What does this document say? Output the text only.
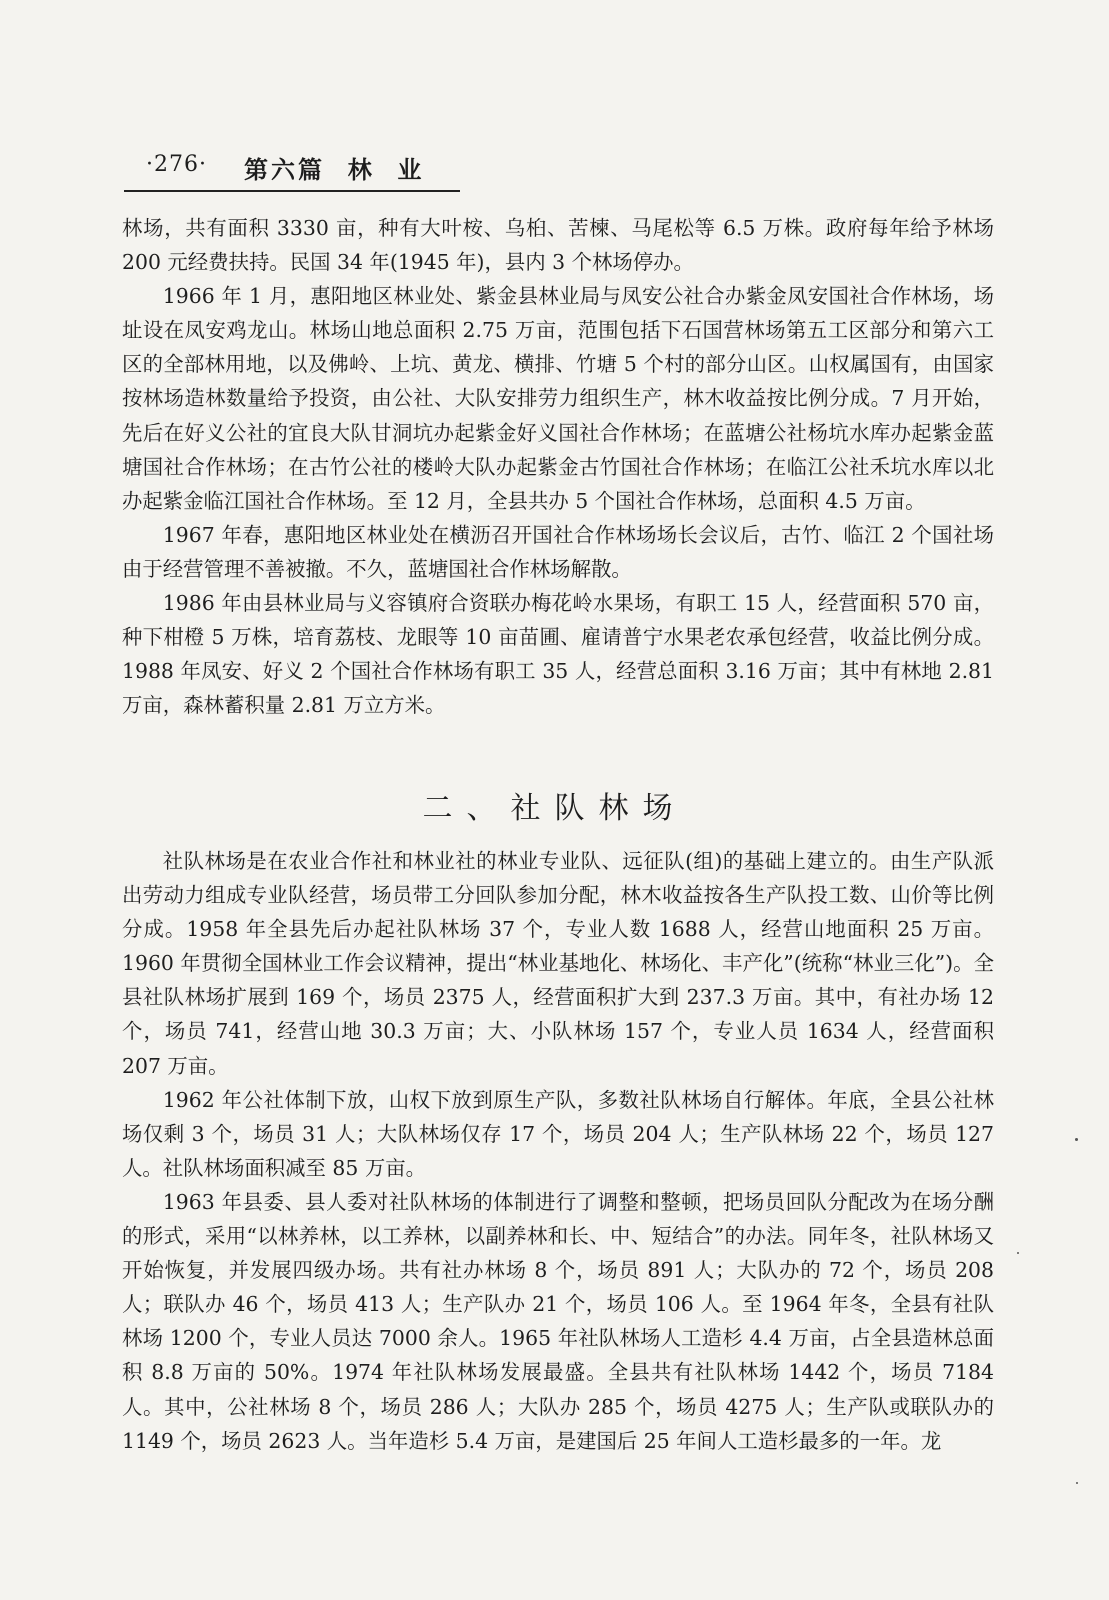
·276· 第六篇  林  业

林场，共有面积 3330 亩，种有大叶桉、乌桕、苦楝、马尾松等 6.5 万株。政府每年给予林场 200 元经费扶持。民国 34 年(1945 年)，县内 3 个林场停办。

1966 年 1 月，惠阳地区林业处、紫金县林业局与凤安公社合办紫金凤安国社合作林场，场址设在凤安鸡龙山。林场山地总面积 2.75 万亩，范围包括下石国营林场第五工区部分和第六工区的全部林用地，以及佛岭、上坑、黄龙、横排、竹塘 5 个村的部分山区。山权属国有，由国家按林场造林数量给予投资，由公社、大队安排劳力组织生产，林木收益按比例分成。7 月开始，先后在好义公社的宜良大队甘洞坑办起紫金好义国社合作林场；在蓝塘公社杨坑水库办起紫金蓝塘国社合作林场；在古竹公社的楼岭大队办起紫金古竹国社合作林场；在临江公社禾坑水库以北办起紫金临江国社合作林场。至 12 月，全县共办 5 个国社合作林场，总面积 4.5 万亩。

1967 年春，惠阳地区林业处在横沥召开国社合作林场场长会议后，古竹、临江 2 个国社场由于经营管理不善被撤。不久，蓝塘国社合作林场解散。

1986 年由县林业局与义容镇府合资联办梅花岭水果场，有职工 15 人，经营面积 570 亩，种下柑橙 5 万株，培育荔枝、龙眼等 10 亩苗圃、雇请普宁水果老农承包经营，收益比例分成。1988 年凤安、好义 2 个国社合作林场有职工 35 人，经营总面积 3.16 万亩；其中有林地 2.81 万亩，森林蓄积量 2.81 万立方米。

二、社队林场

社队林场是在农业合作社和林业社的林业专业队、远征队(组)的基础上建立的。由生产队派出劳动力组成专业队经营，场员带工分回队参加分配，林木收益按各生产队投工数、山价等比例分成。1958 年全县先后办起社队林场 37 个，专业人数 1688 人，经营山地面积 25 万亩。1960 年贯彻全国林业工作会议精神，提出“林业基地化、林场化、丰产化”(统称“林业三化”)。全县社队林场扩展到 169 个，场员 2375 人，经营面积扩大到 237.3 万亩。其中，有社办场 12 个，场员 741，经营山地 30.3 万亩；大、小队林场 157 个，专业人员 1634 人，经营面积 207 万亩。

1962 年公社体制下放，山权下放到原生产队，多数社队林场自行解体。年底，全县公社林场仅剩 3 个，场员 31 人；大队林场仅存 17 个，场员 204 人；生产队林场 22 个，场员 127 人。社队林场面积减至 85 万亩。

1963 年县委、县人委对社队林场的体制进行了调整和整顿，把场员回队分配改为在场分酬的形式，采用“以林养林，以工养林，以副养林和长、中、短结合”的办法。同年冬，社队林场又开始恢复，并发展四级办场。共有社办林场 8 个，场员 891 人；大队办的 72 个，场员 208 人；联队办 46 个，场员 413 人；生产队办 21 个，场员 106 人。至 1964 年冬，全县有社队林场 1200 个，专业人员达 7000 余人。1965 年社队林场人工造杉 4.4 万亩，占全县造林总面积 8.8 万亩的 50%。1974 年社队林场发展最盛。全县共有社队林场 1442 个，场员 7184 人。其中，公社林场 8 个，场员 286 人；大队办 285 个，场员 4275 人；生产队或联队办的 1149 个，场员 2623 人。当年造杉 5.4 万亩，是建国后 25 年间人工造杉最多的一年。龙
